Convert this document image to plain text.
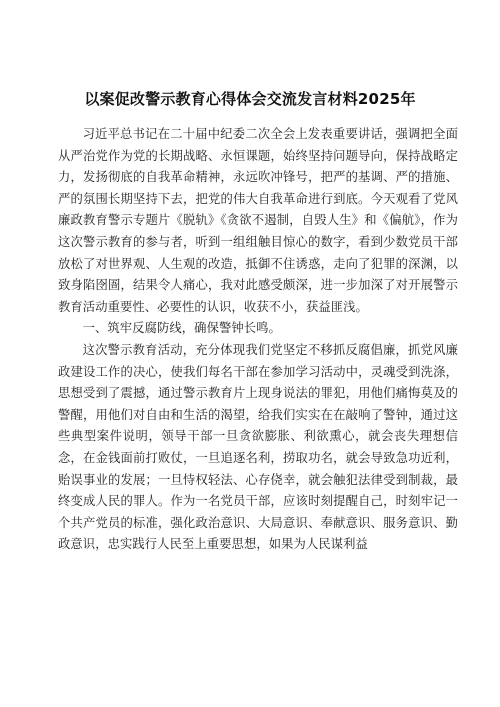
以案促改警示教育心得体会交流发言材料2025年

习近平总书记在二十届中纪委二次全会上发表重要讲话，强调把全面从严治党作为党的长期战略、永恒课题，始终坚持问题导向，保持战略定力，发扬彻底的自我革命精神，永远吹冲锋号，把严的基调、严的措施、严的氛围长期坚持下去，把党的伟大自我革命进行到底。今天观看了党风廉政教育警示专题片《脱轨》《贪欲不遏制，自毁人生》和《偏航》，作为这次警示教育的参与者，听到一组组触目惊心的数字，看到少数党员干部放松了对世界观、人生观的改造，抵御不住诱惑，走向了犯罪的深渊，以致身陷囹圄，结果令人痛心，我对此感受颇深，进一步加深了对开展警示教育活动重要性、必要性的认识，收获不小，获益匪浅。

一、筑牢反腐防线，确保警钟长鸣。

这次警示教育活动，充分体现我们党坚定不移抓反腐倡廉，抓党风廉政建设工作的决心，使我们每名干部在参加学习活动中，灵魂受到洗涤，思想受到了震撼，通过警示教育片上现身说法的罪犯，用他们痛悔莫及的警醒，用他们对自由和生活的渴望，给我们实实在在敲响了警钟，通过这些典型案件说明，领导干部一旦贪欲膨胀、利欲熏心，就会丧失理想信念，在金钱面前打败仗，一旦追逐名利，捞取功名，就会导致急功近利，贻误事业的发展；一旦恃权轻法、心存侥幸，就会触犯法律受到制裁，最终变成人民的罪人。作为一名党员干部，应该时刻提醒自己，时刻牢记一个共产党员的标准，强化政治意识、大局意识、奉献意识、服务意识、勤政意识，忠实践行人民至上重要思想，如果为人民谋利益
